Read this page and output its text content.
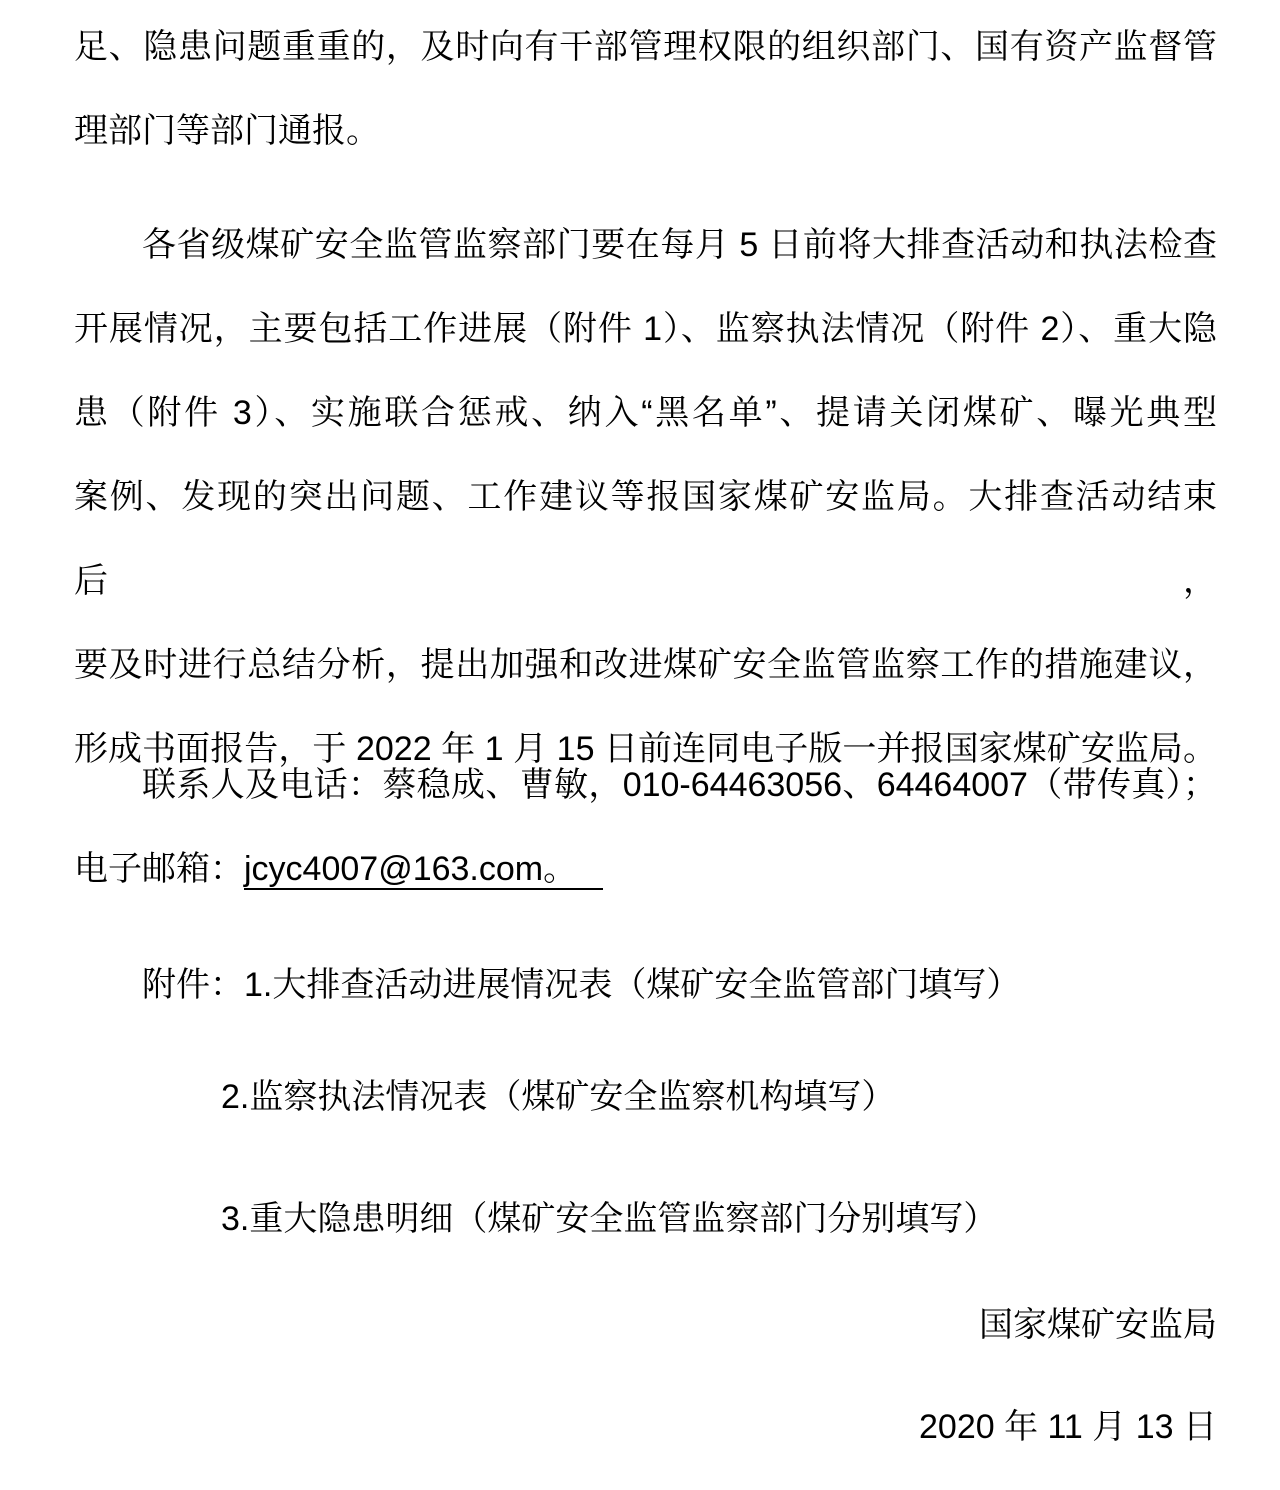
足、隐患问题重重的，及时向有干部管理权限的组织部门、国有资产监督管
理部门等部门通报。
各省级煤矿安全监管监察部门要在每月 5 日前将大排查活动和执法检查
开展情况，主要包括工作进展（附件 1）、监察执法情况（附件 2）、重大隐
患（附件 3）、实施联合惩戒、纳入“黑名单”、提请关闭煤矿、曝光典型
案例、发现的突出问题、工作建议等报国家煤矿安监局。大排查活动结束后，
要及时进行总结分析，提出加强和改进煤矿安全监管监察工作的措施建议，
形成书面报告，于 2022 年 1 月 15 日前连同电子版一并报国家煤矿安监局。
联系人及电话：蔡稳成、曹敏，010-64463056、64464007（带传真）；
电子邮箱：jcyc4007@163.com。
附件：1.大排查活动进展情况表（煤矿安全监管部门填写）
2.监察执法情况表（煤矿安全监察机构填写）
3.重大隐患明细（煤矿安全监管监察部门分别填写）
国家煤矿安监局
2020 年 11 月 13 日
